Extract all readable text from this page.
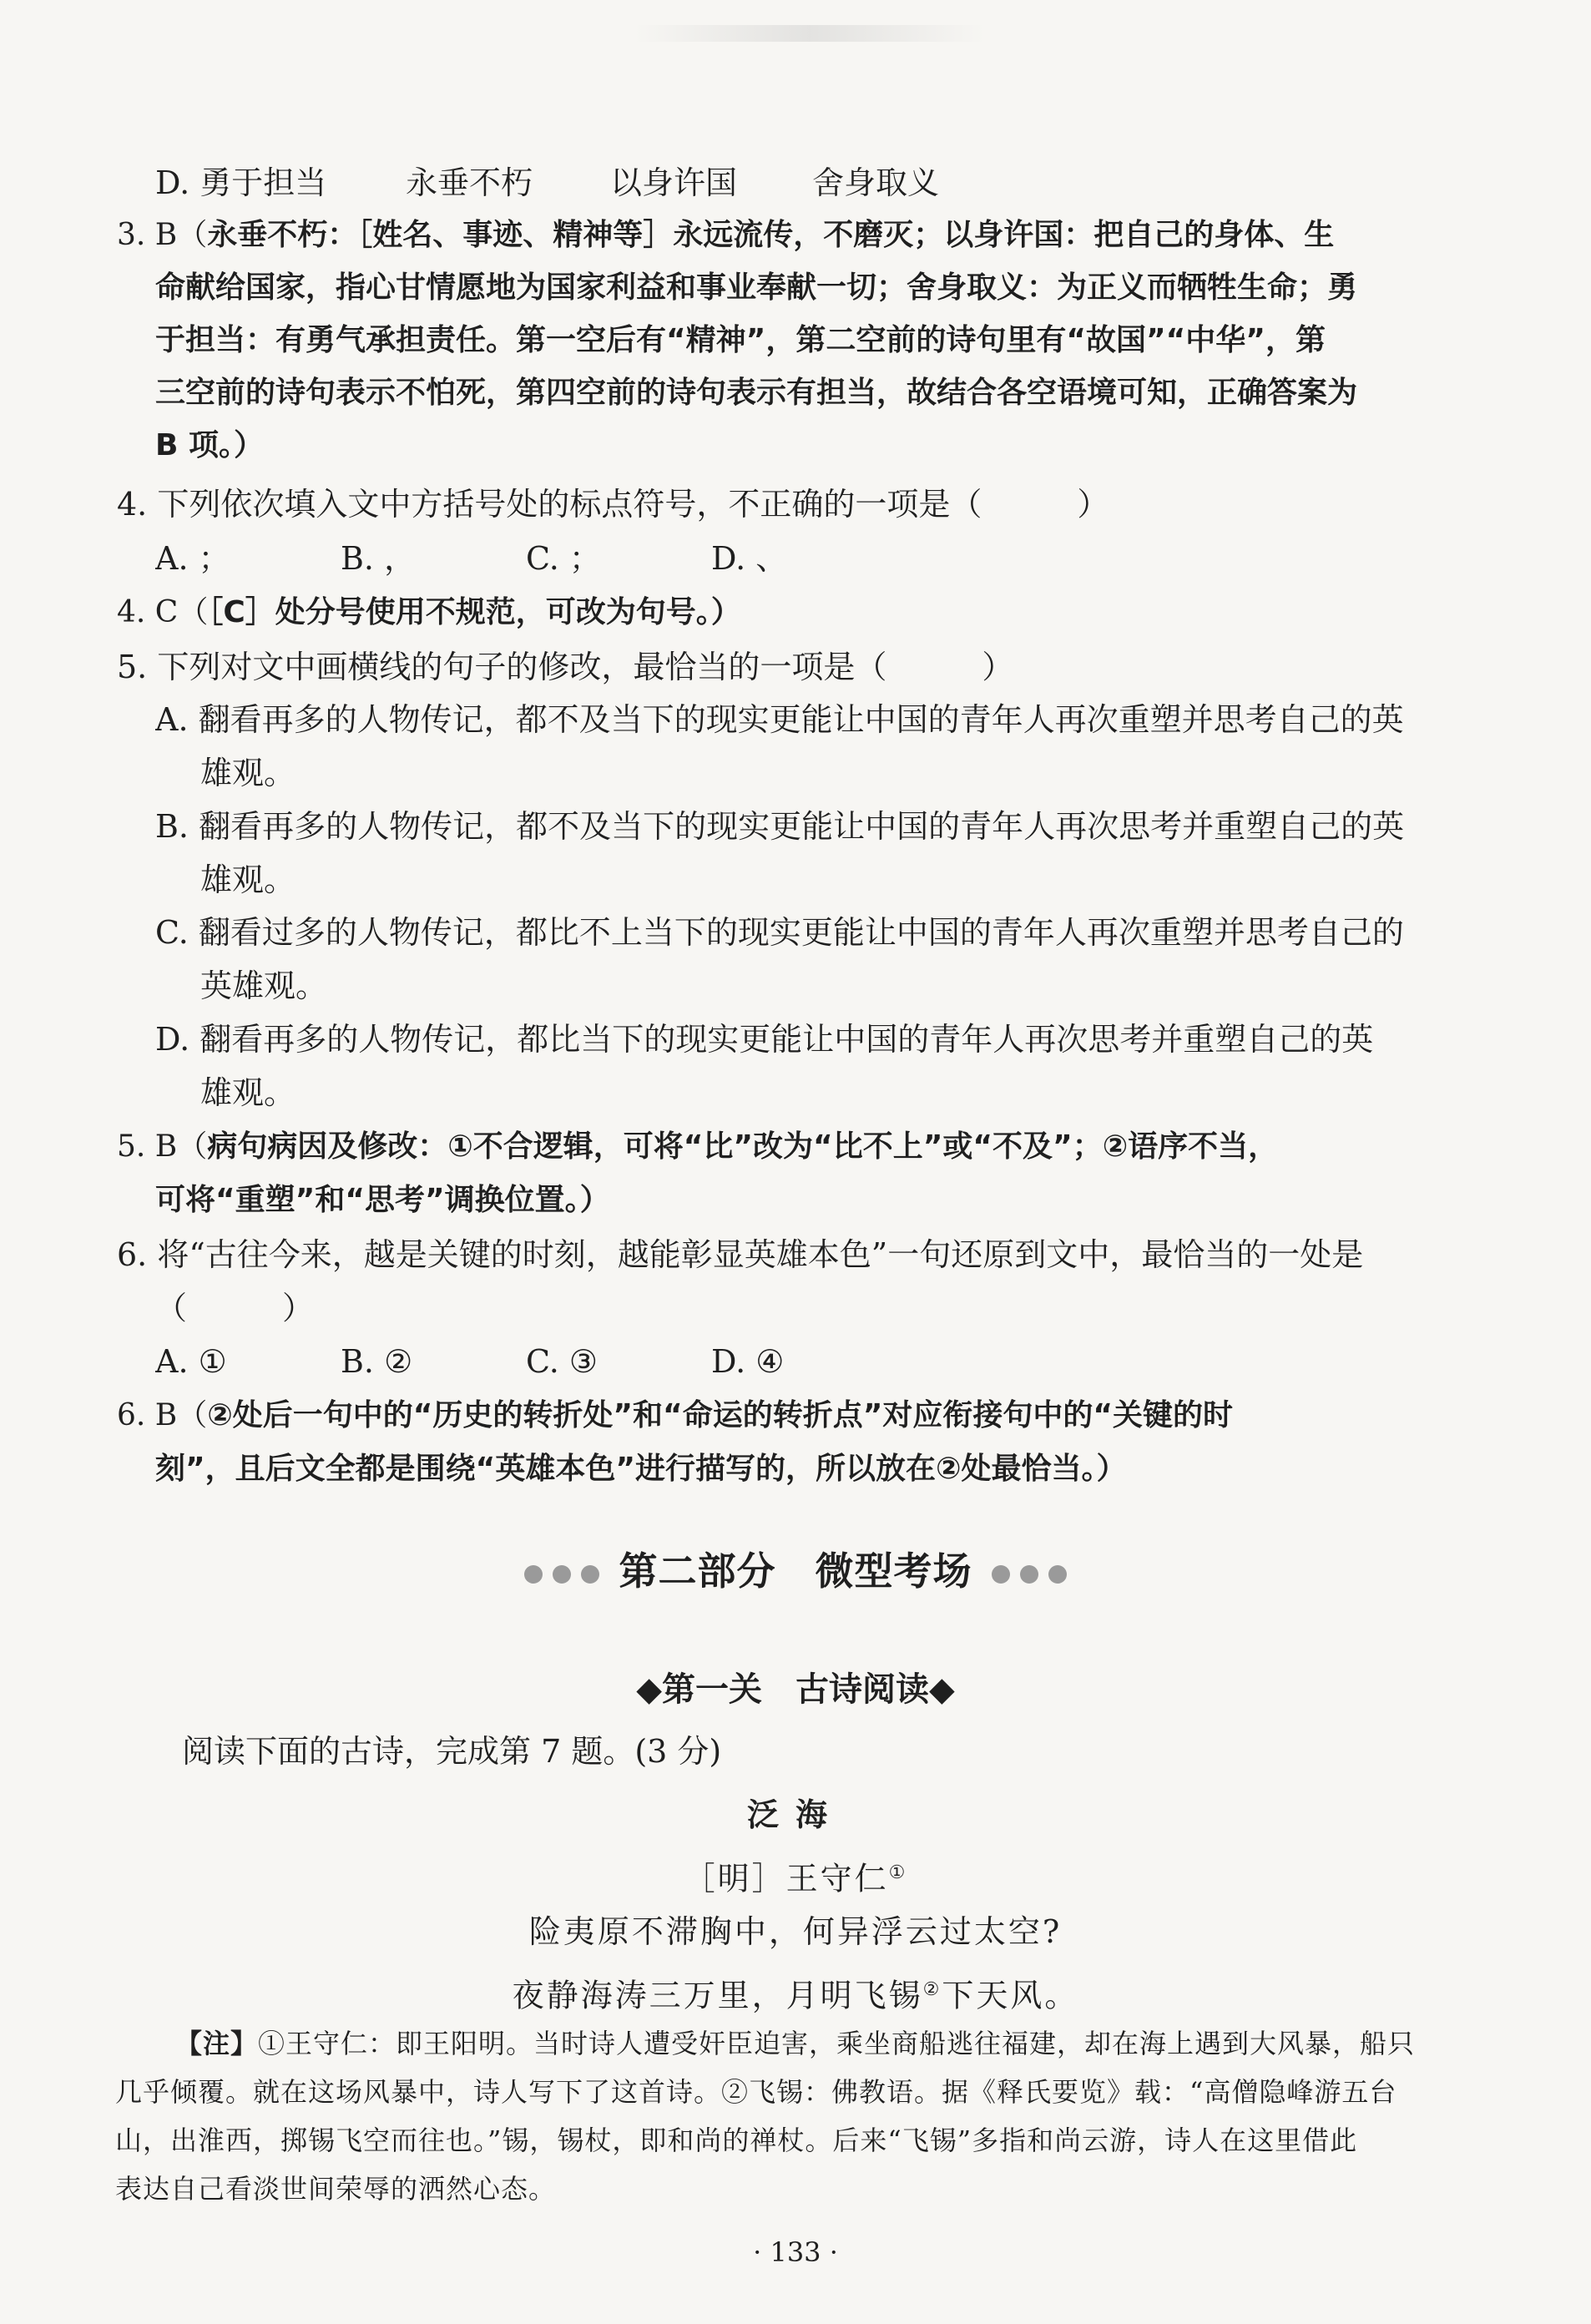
D. 勇于担当 永垂不朽 以身许国 舍身取义
3. B（永垂不朽：［姓名、事迹、精神等］永远流传，不磨灭；以身许国：把自己的身体、生
命献给国家，指心甘情愿地为国家利益和事业奉献一切；舍身取义：为正义而牺牲生命；勇
于担当：有勇气承担责任。第一空后有“精神”，第二空前的诗句里有“故国”“中华”，第
三空前的诗句表示不怕死，第四空前的诗句表示有担当，故结合各空语境可知，正确答案为
B 项。）
4. 下列依次填入文中方括号处的标点符号，不正确的一项是（　　　）
A. ；	B. ，	C. ；	D. 、
4. C（［C］处分号使用不规范，可改为句号。）
5. 下列对文中画横线的句子的修改，最恰当的一项是（　　　）
A. 翻看再多的人物传记，都不及当下的现实更能让中国的青年人再次重塑并思考自己的英
雄观。
B. 翻看再多的人物传记，都不及当下的现实更能让中国的青年人再次思考并重塑自己的英
雄观。
C. 翻看过多的人物传记，都比不上当下的现实更能让中国的青年人再次重塑并思考自己的
英雄观。
D. 翻看再多的人物传记，都比当下的现实更能让中国的青年人再次思考并重塑自己的英
雄观。
5. B（病句病因及修改：①不合逻辑，可将“比”改为“比不上”或“不及”；②语序不当，
可将“重塑”和“思考”调换位置。）
6. 将“古往今来，越是关键的时刻，越能彰显英雄本色”一句还原到文中，最恰当的一处是
（　　　）
A. ①	B. ②	C. ③	D. ④
6. B（②处后一句中的“历史的转折处”和“命运的转折点”对应衔接句中的“关键的时
刻”，且后文全都是围绕“英雄本色”进行描写的，所以放在②处最恰当。）
第二部分　微型考场
◆第一关　古诗阅读◆
阅读下面的古诗，完成第 7 题。(3 分)
泛海
［明］王守仁①
险夷原不滞胸中，何异浮云过太空?
夜静海涛三万里，月明飞锡②下天风。
【注】①王守仁：即王阳明。当时诗人遭受奸臣迫害，乘坐商船逃往福建，却在海上遇到大风暴，船只
几乎倾覆。就在这场风暴中，诗人写下了这首诗。②飞锡：佛教语。据《释氏要览》载：“高僧隐峰游五台
山，出淮西，掷锡飞空而往也。”锡，锡杖，即和尚的禅杖。后来“飞锡”多指和尚云游，诗人在这里借此
表达自己看淡世间荣辱的洒然心态。
· 133 ·
